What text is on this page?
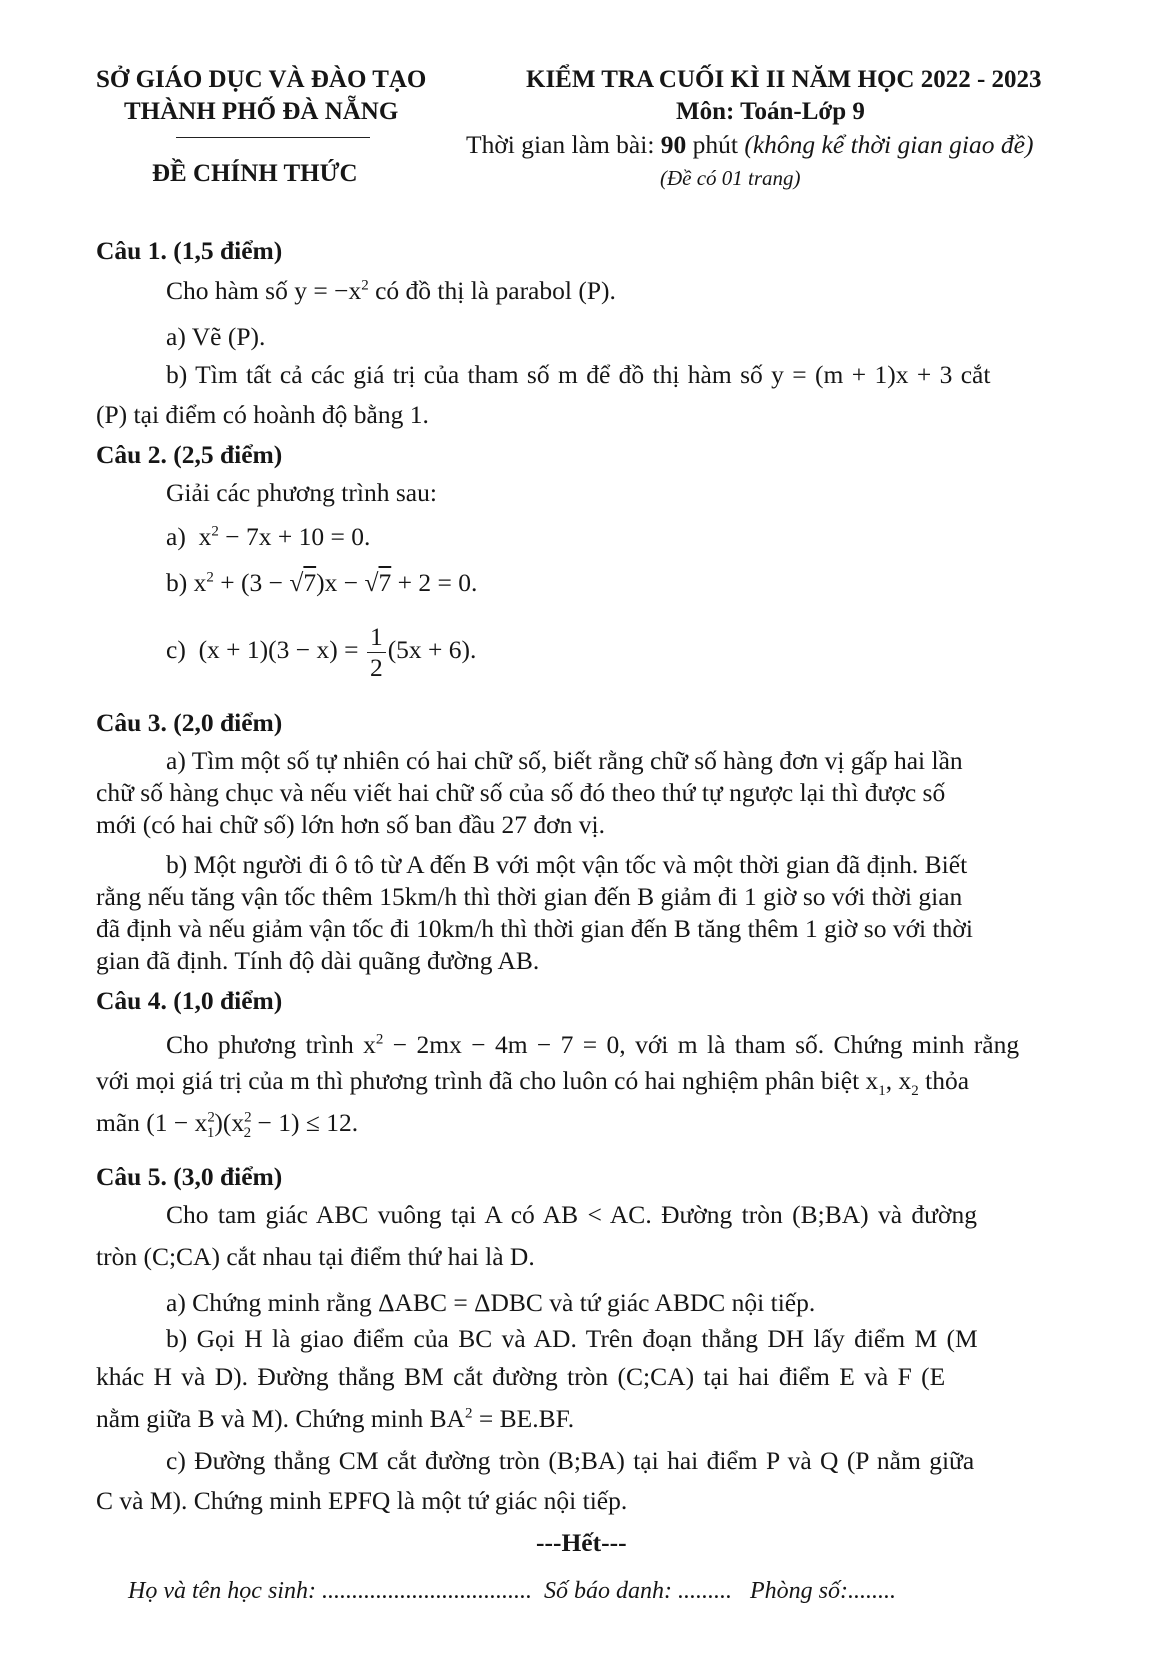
SỞ GIÁO DỤC VÀ ĐÀO TẠO
THÀNH PHỐ ĐÀ NẴNG
ĐỀ CHÍNH THỨC
KIỂM TRA CUỐI KÌ II NĂM HỌC 2022 - 2023
Môn: Toán-Lớp 9
Thời gian làm bài: 90 phút (không kể thời gian giao đề)
(Đề có 01 trang)
Câu 1. (1,5 điểm)
Cho hàm số $y = -x^2$ có đồ thị là parabol (P).
a) Vẽ (P).
b) Tìm tất cả các giá trị của tham số m để đồ thị hàm số y = (m + 1)x + 3 cắt
(P) tại điểm có hoành độ bằng 1.
Câu 2. (2,5 điểm)
Giải các phương trình sau:
a) $x^2 - 7x + 10 = 0$.
b) $x^2 + (3 - √7)x - √7 + 2 = 0$.
c) $(x + 1)(3 - x) = \frac{1}{2} (5x + 6)$.
Câu 3. (2,0 điểm)
a) Tìm một số tự nhiên có hai chữ số, biết rằng chữ số hàng đơn vị gấp hai lần
chữ số hàng chục và nếu viết hai chữ số của số đó theo thứ tự ngược lại thì được số
mới (có hai chữ số) lớn hơn số ban đầu 27 đơn vị.
b) Một người đi ô tô từ A đến B với một vận tốc và một thời gian đã định. Biết
rằng nếu tăng vận tốc thêm 15km/h thì thời gian đến B giảm đi 1 giờ so với thời gian
đã định và nếu giảm vận tốc đi 10km/h thì thời gian đến B tăng thêm 1 giờ so với thời
gian đã định. Tính độ dài quãng đường AB.
Câu 4. (1,0 điểm)
Cho phương trình $x^2 - 2mx - 4m - 7 = 0$, với m là tham số. Chứng minh rằng
với mọi giá trị của m thì phương trình đã cho luôn có hai nghiệm phân biệt $x_1$, $x_2$ thỏa
mãn $(1 - x^2_1)(x^2_2 - 1) \le 12$.
Câu 5. (3,0 điểm)
Cho tam giác ABC vuông tại A có AB < AC. Đường tròn (B;BA) và đường
tròn (C;CA) cắt nhau tại điểm thứ hai là D.
a) Chứng minh rằng ΔABC = ΔDBC và tứ giác ABDC nội tiếp.
b) Gọi H là giao điểm của BC và AD. Trên đoạn thẳng DH lấy điểm M (M
khác H và D). Đường thẳng BM cắt đường tròn (C;CA) tại hai điểm E và F (E
nằm giữa B và M). Chứng minh $BA^2 = BE.BF$.
c) Đường thẳng CM cắt đường tròn (B;BA) tại hai điểm P và Q (P nằm giữa
C và M). Chứng minh EPFQ là một tứ giác nội tiếp.
---Hết---
Họ và tên học sinh: ................................... Số báo danh: ......... Phòng số:........
